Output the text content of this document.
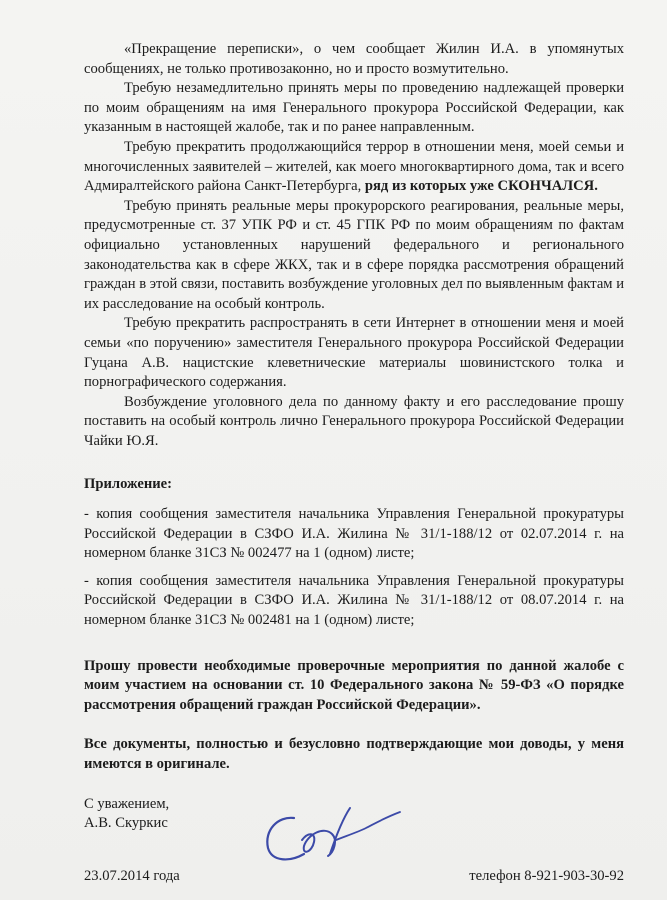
«Прекращение переписки», о чем сообщает Жилин И.А. в упомянутых сообщениях, не только противозаконно, но и просто возмутительно.

Требую незамедлительно принять меры по проведению надлежащей проверки по моим обращениям на имя Генерального прокурора Российской Федерации, как указанным в настоящей жалобе, так и по ранее направленным.

Требую прекратить продолжающийся террор в отношении меня, моей семьи и многочисленных заявителей – жителей, как моего многоквартирного дома, так и всего Адмиралтейского района Санкт-Петербурга, ряд из которых уже СКОНЧАЛСЯ.

Требую принять реальные меры прокурорского реагирования, реальные меры, предусмотренные ст. 37 УПК РФ и ст. 45 ГПК РФ по моим обращениям по фактам официально установленных нарушений федерального и регионального законодательства как в сфере ЖКХ, так и в сфере порядка рассмотрения обращений граждан в этой связи, поставить возбуждение уголовных дел по выявленным фактам и их расследование на особый контроль.

Требую прекратить распространять в сети Интернет в отношении меня и моей семьи «по поручению» заместителя Генерального прокурора Российской Федерации Гуцана А.В. нацистские клеветнические материалы шовинистского толка и порнографического содержания.

Возбуждение уголовного дела по данному факту и его расследование прошу поставить на особый контроль лично Генерального прокурора Российской Федерации Чайки Ю.Я.

Приложение:

- копия сообщения заместителя начальника Управления Генеральной прокуратуры Российской Федерации в СЗФО И.А. Жилина № 31/1-188/12 от 02.07.2014 г. на номерном бланке 31СЗ № 002477 на 1 (одном) листе;

- копия сообщения заместителя начальника Управления Генеральной прокуратуры Российской Федерации в СЗФО И.А. Жилина № 31/1-188/12 от 08.07.2014 г. на номерном бланке 31СЗ № 002481 на 1 (одном) листе;

Прошу провести необходимые проверочные мероприятия по данной жалобе с моим участием на основании ст. 10 Федерального закона № 59-ФЗ «О порядке рассмотрения обращений граждан Российской Федерации».

Все документы, полностью и безусловно подтверждающие мои доводы, у меня имеются в оригинале.

С уважением,
А.В. Скуркис
23.07.2014 года	телефон 8-921-903-30-92
